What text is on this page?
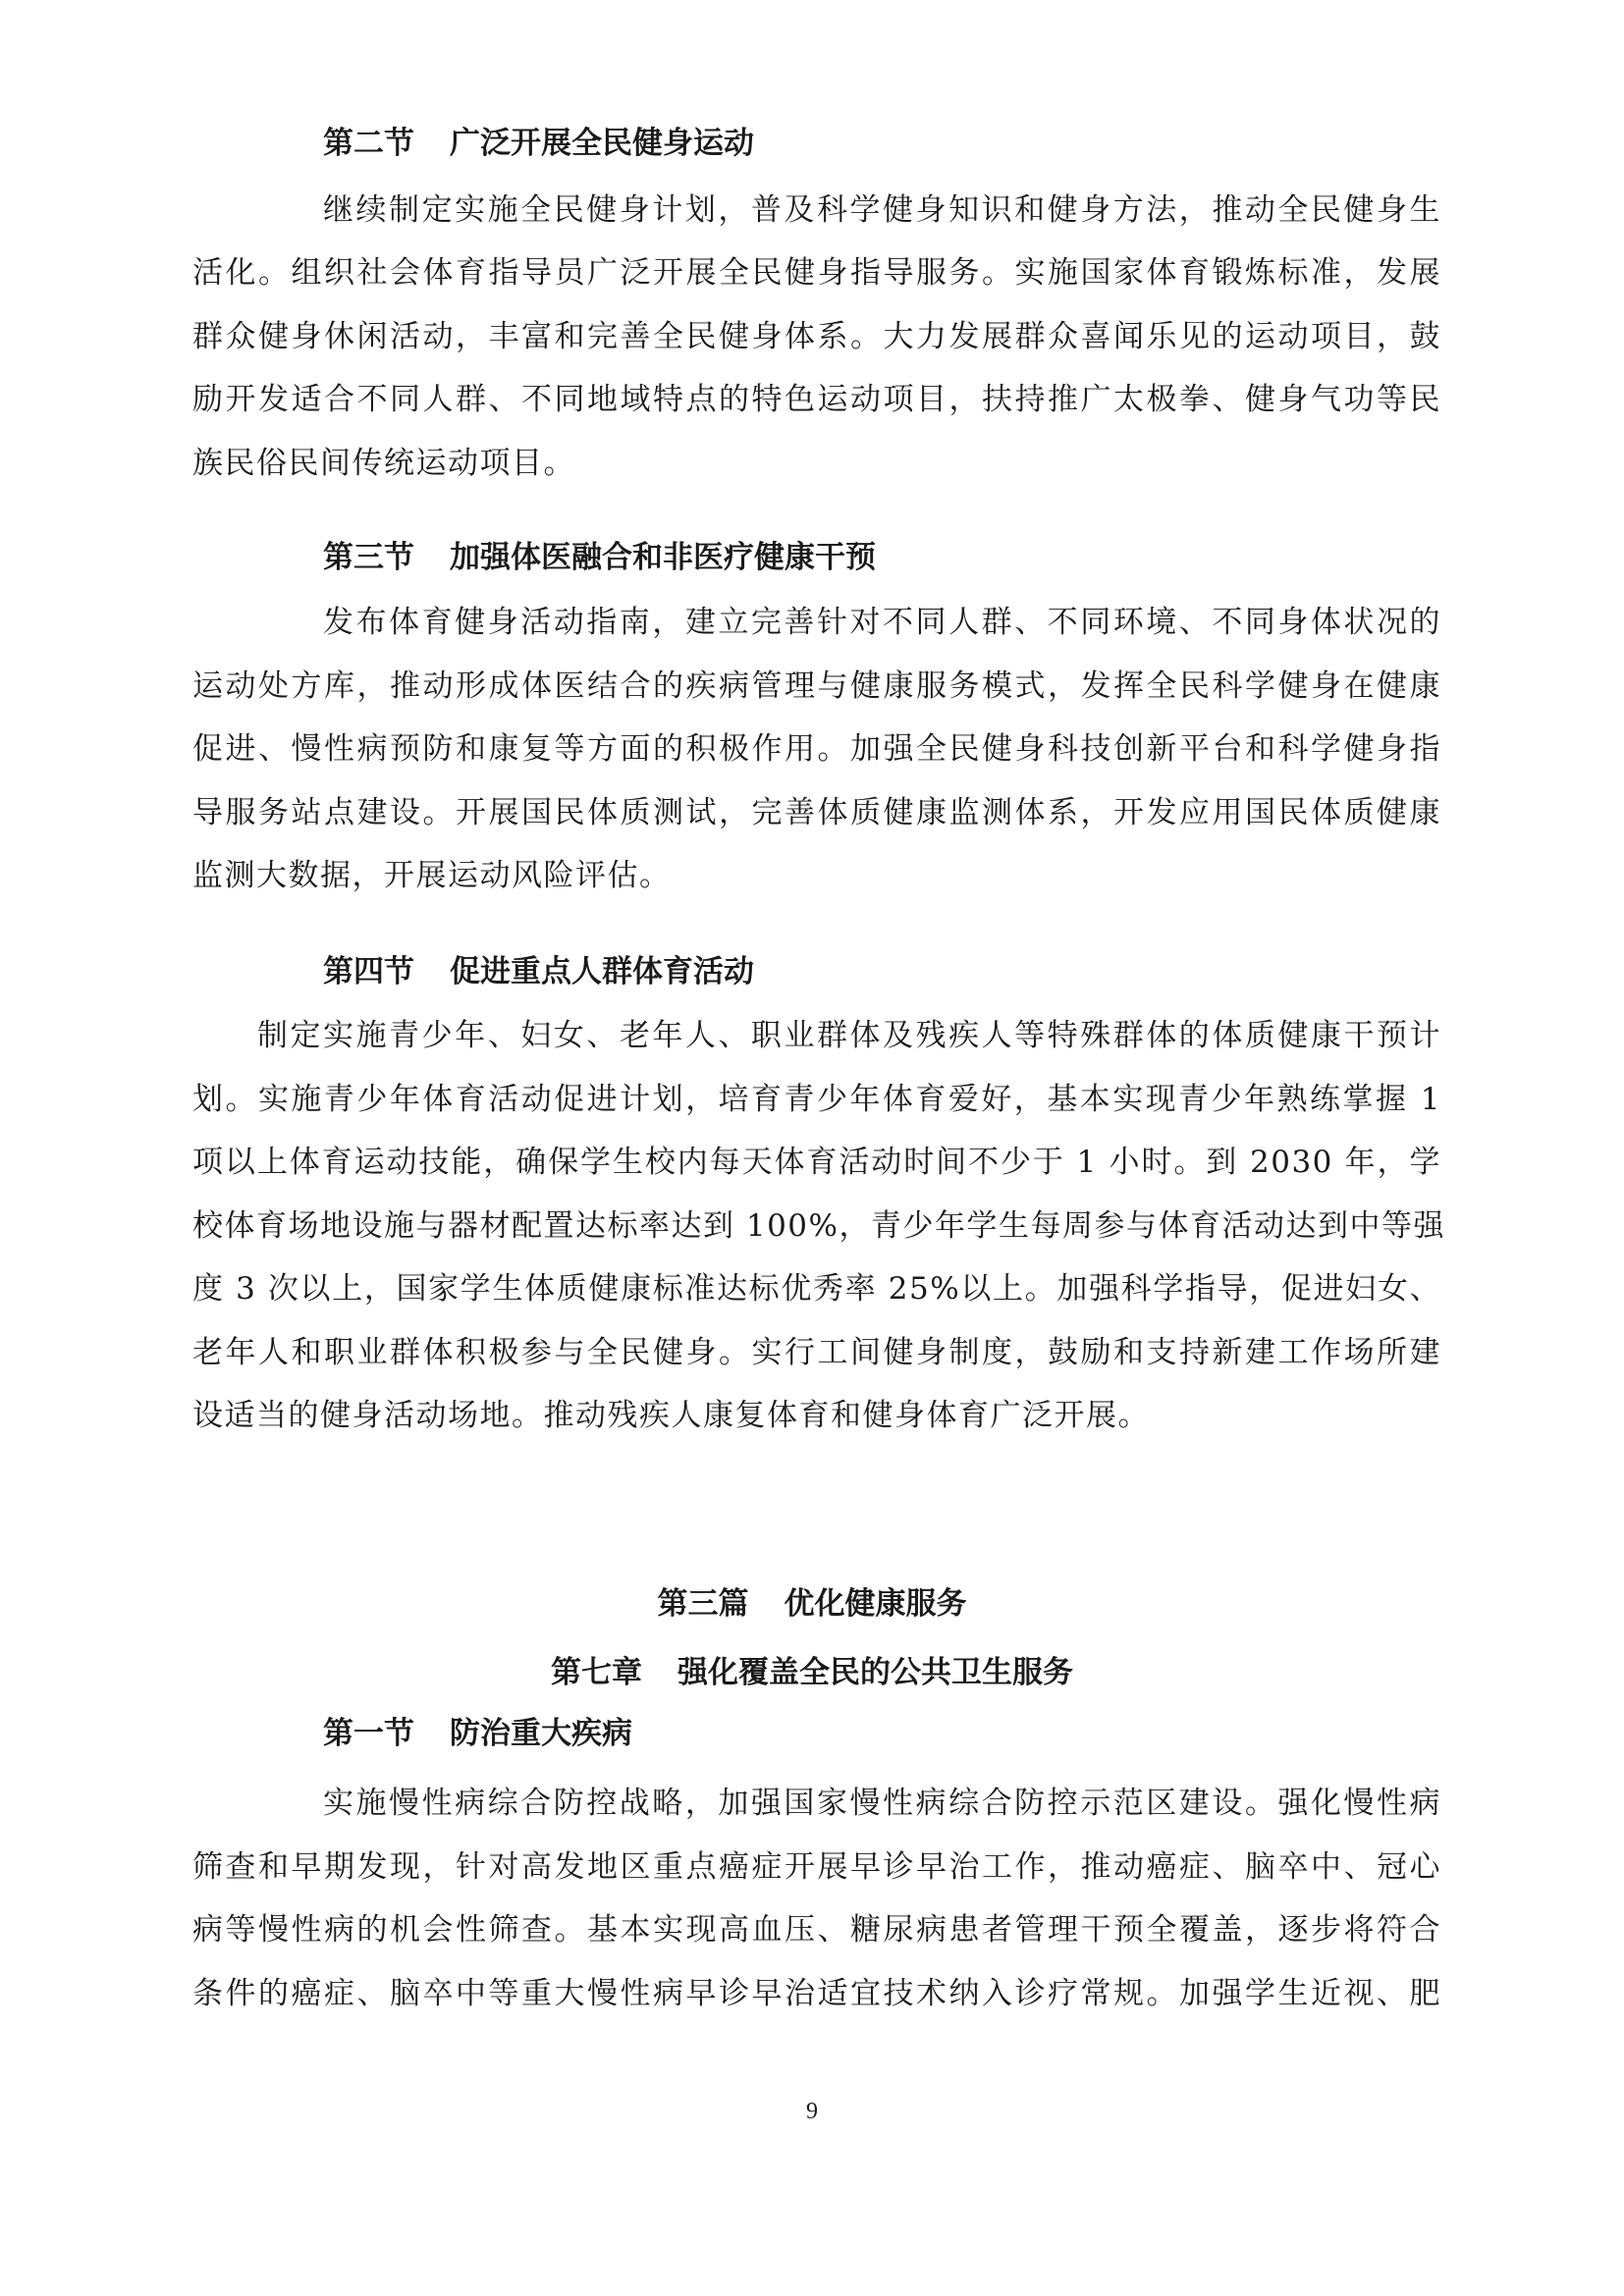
第二节 广泛开展全民健身运动
继续制定实施全民健身计划，普及科学健身知识和健身方法，推动全民健身生
活化。组织社会体育指导员广泛开展全民健身指导服务。实施国家体育锻炼标准，发展
群众健身休闲活动，丰富和完善全民健身体系。大力发展群众喜闻乐见的运动项目，鼓
励开发适合不同人群、不同地域特点的特色运动项目，扶持推广太极拳、健身气功等民
族民俗民间传统运动项目。
第三节 加强体医融合和非医疗健康干预
发布体育健身活动指南，建立完善针对不同人群、不同环境、不同身体状况的
运动处方库，推动形成体医结合的疾病管理与健康服务模式，发挥全民科学健身在健康
促进、慢性病预防和康复等方面的积极作用。加强全民健身科技创新平台和科学健身指
导服务站点建设。开展国民体质测试，完善体质健康监测体系，开发应用国民体质健康
监测大数据，开展运动风险评估。
第四节 促进重点人群体育活动
制定实施青少年、妇女、老年人、职业群体及残疾人等特殊群体的体质健康干预计
划。实施青少年体育活动促进计划，培育青少年体育爱好，基本实现青少年熟练掌握 1
项以上体育运动技能，确保学生校内每天体育活动时间不少于 1 小时。到 2030 年，学
校体育场地设施与器材配置达标率达到 100%，青少年学生每周参与体育活动达到中等强
度 3 次以上，国家学生体质健康标准达标优秀率 25%以上。加强科学指导，促进妇女、
老年人和职业群体积极参与全民健身。实行工间健身制度，鼓励和支持新建工作场所建
设适当的健身活动场地。推动残疾人康复体育和健身体育广泛开展。
第三篇 优化健康服务
第七章 强化覆盖全民的公共卫生服务
第一节 防治重大疾病
实施慢性病综合防控战略，加强国家慢性病综合防控示范区建设。强化慢性病
筛查和早期发现，针对高发地区重点癌症开展早诊早治工作，推动癌症、脑卒中、冠心
病等慢性病的机会性筛查。基本实现高血压、糖尿病患者管理干预全覆盖，逐步将符合
条件的癌症、脑卒中等重大慢性病早诊早治适宜技术纳入诊疗常规。加强学生近视、肥
9
